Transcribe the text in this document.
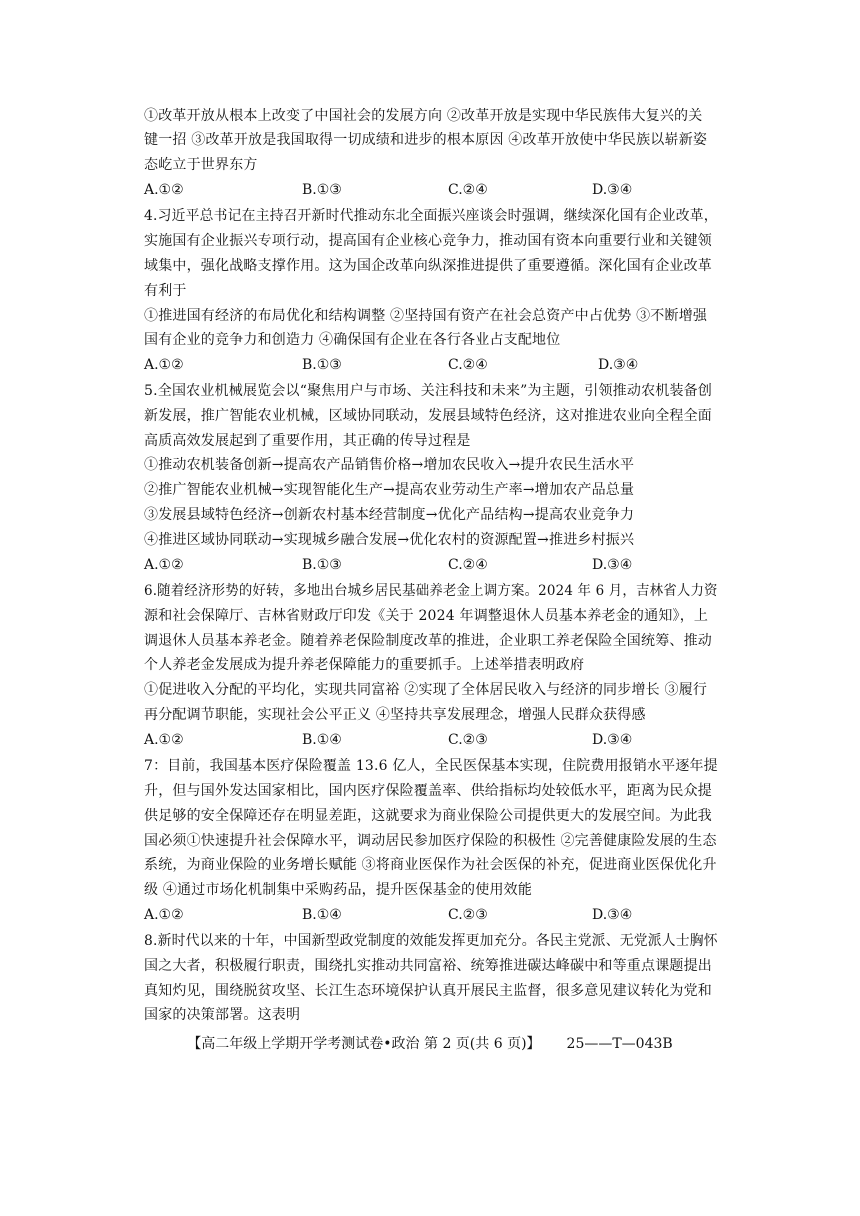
①改革开放从根本上改变了中国社会的发展方向 ②改革开放是实现中华民族伟大复兴的关
键一招 ③改革开放是我国取得一切成绩和进步的根本原因 ④改革开放使中华民族以崭新姿
态屹立于世界东方
A.①②	B.①③	C.②④	D.③④
4.习近平总书记在主持召开新时代推动东北全面振兴座谈会时强调，继续深化国有企业改革，
实施国有企业振兴专项行动，提高国有企业核心竞争力，推动国有资本向重要行业和关键领
域集中，强化战略支撑作用。这为国企改革向纵深推进提供了重要遵循。深化国有企业改革
有利于
①推进国有经济的布局优化和结构调整 ②坚持国有资产在社会总资产中占优势 ③不断增强
国有企业的竞争力和创造力 ④确保国有企业在各行各业占支配地位
A.①②	B.①③	C.②④	D.③④
5.全国农业机械展览会以“聚焦用户与市场、关注科技和未来”为主题，引领推动农机装备创
新发展，推广智能农业机械，区域协同联动，发展县域特色经济，这对推进农业向全程全面
高质高效发展起到了重要作用，其正确的传导过程是
①推动农机装备创新→提高农产品销售价格→增加农民收入→提升农民生活水平
②推广智能农业机械→实现智能化生产→提高农业劳动生产率→增加农产品总量
③发展县域特色经济→创新农村基本经营制度→优化产品结构→提高农业竞争力
④推进区域协同联动→实现城乡融合发展→优化农村的资源配置→推进乡村振兴
A.①②	B.①③	C.②④	D.③④
6.随着经济形势的好转，多地出台城乡居民基础养老金上调方案。2024 年 6 月，吉林省人力资
源和社会保障厅、吉林省财政厅印发《关于 2024 年调整退休人员基本养老金的通知》，上
调退休人员基本养老金。随着养老保险制度改革的推进，企业职工养老保险全国统筹、推动
个人养老金发展成为提升养老保障能力的重要抓手。上述举措表明政府
①促进收入分配的平均化，实现共同富裕 ②实现了全体居民收入与经济的同步增长 ③履行
再分配调节职能，实现社会公平正义 ④坚持共享发展理念，增强人民群众获得感
A.①②	B.①④	C.②③	D.③④
7：目前，我国基本医疗保险覆盖 13.6 亿人，全民医保基本实现，住院费用报销水平逐年提
升，但与国外发达国家相比，国内医疗保险覆盖率、供给指标均处较低水平，距离为民众提
供足够的安全保障还存在明显差距，这就要求为商业保险公司提供更大的发展空间。为此我
国必须①快速提升社会保障水平，调动居民参加医疗保险的积极性 ②完善健康险发展的生态
系统，为商业保险的业务增长赋能 ③将商业医保作为社会医保的补充，促进商业医保优化升
级 ④通过市场化机制集中采购药品，提升医保基金的使用效能
A.①②	B.①④	C.②③	D.③④
8.新时代以来的十年，中国新型政党制度的效能发挥更加充分。各民主党派、无党派人士胸怀
国之大者，积极履行职责，围绕扎实推动共同富裕、统筹推进碳达峰碳中和等重点课题提出
真知灼见，围绕脱贫攻坚、长江生态环境保护认真开展民主监督，很多意见建议转化为党和
国家的决策部署。这表明
【高二年级上学期开学考测试卷•政治 第 2 页(共 6 页)】 25——T—043B
